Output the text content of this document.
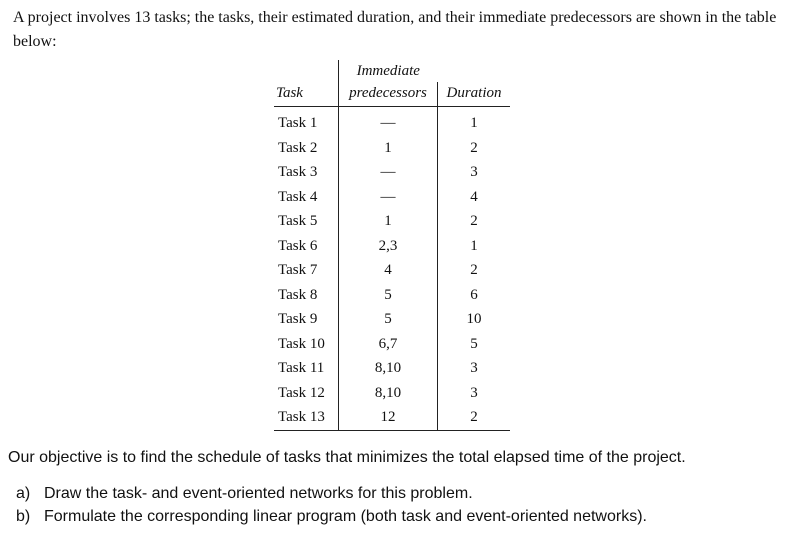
A project involves 13 tasks; the tasks, their estimated duration, and their immediate predecessors are shown in the table below:

	Immediate	
Task	predecessors	Duration
Task 1	—	1
Task 2	1	2
Task 3	—	3
Task 4	—	4
Task 5	1	2
Task 6	2,3	1
Task 7	4	2
Task 8	5	6
Task 9	5	10
Task 10	6,7	5
Task 11	8,10	3
Task 12	8,10	3
Task 13	12	2

Our objective is to find the schedule of tasks that minimizes the total elapsed time of the project.

a) Draw the task- and event-oriented networks for this problem.
b) Formulate the corresponding linear program (both task and event-oriented networks).
